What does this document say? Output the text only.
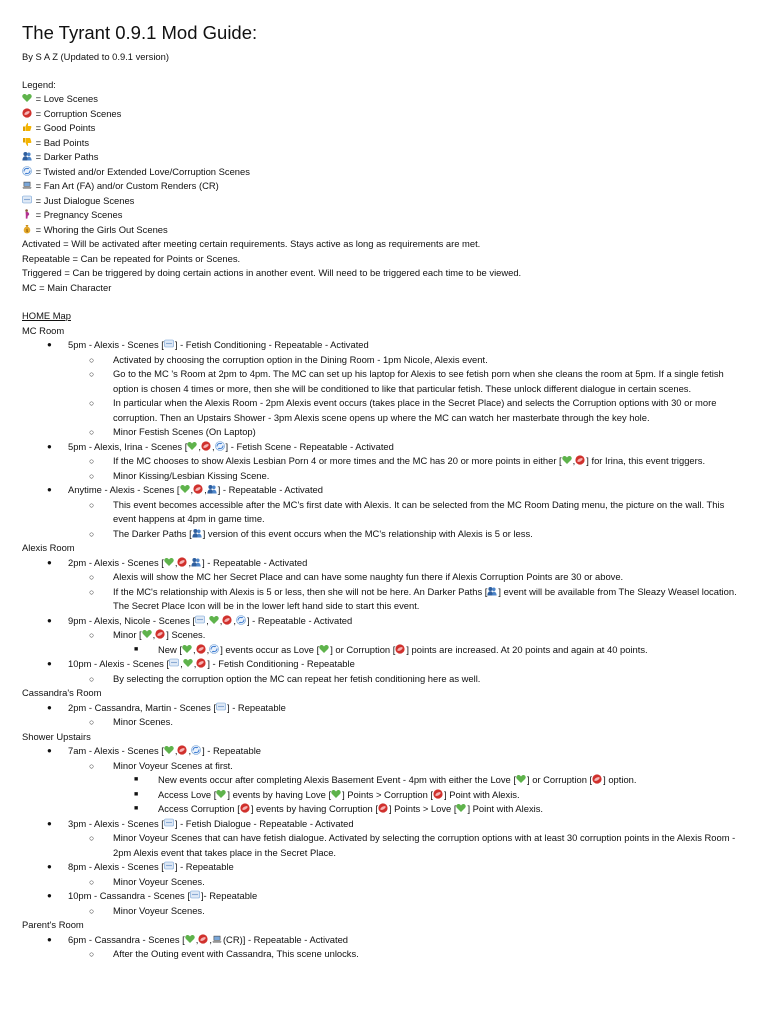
The Tyrant 0.9.1 Mod Guide:
By S A Z (Updated to 0.9.1 version)
Legend:
= Love Scenes
= Corruption Scenes
= Good Points
= Bad Points
= Darker Paths
= Twisted and/or Extended Love/Corruption Scenes
= Fan Art (FA) and/or Custom Renders (CR)
= Just Dialogue Scenes
= Pregnancy Scenes
= Whoring the Girls Out Scenes
Activated = Will be activated after meeting certain requirements. Stays active as long as requirements are met.
Repeatable = Can be repeated for Points or Scenes.
Triggered = Can be triggered by doing certain actions in another event. Will need to be triggered each time to be viewed.
MC = Main Character
HOME Map
MC Room
● 5pm - Alexis - Scenes [ ] - Fetish Conditioning - Repeatable - Activated
○ Activated by choosing the corruption option in the Dining Room - 1pm Nicole, Alexis event.
○ Go to the MC 's Room at 2pm to 4pm. The MC can set up his laptop for Alexis to see fetish porn when she cleans the room at 5pm. If a single fetish option is chosen 4 times or more, then she will be conditioned to like that particular fetish. These unlock different dialogue in certain scenes.
○ In particular when the Alexis Room - 2pm Alexis event occurs (takes place in the Secret Place) and selects the Corruption options with 30 or more corruption. Then an Upstairs Shower - 3pm Alexis scene opens up where the MC can watch her masterbate through the key hole.
○ Minor Festish Scenes (On Laptop)
● 5pm - Alexis, Irina - Scenes [ , , ] - Fetish Scene - Repeatable - Activated
○ If the MC chooses to show Alexis Lesbian Porn 4 or more times and the MC has 20 or more points in either [ , ] for Irina, this event triggers.
○ Minor Kissing/Lesbian Kissing Scene.
● Anytime - Alexis - Scenes [ , , ] - Repeatable - Activated
○ This event becomes accessible after the MC's first date with Alexis. It can be selected from the MC Room Dating menu, the picture on the wall. This event happens at 4pm in game time.
○ The Darker Paths [ ] version of this event occurs when the MC's relationship with Alexis is 5 or less.
Alexis Room
● 2pm - Alexis - Scenes [ , , ] - Repeatable - Activated
○ Alexis will show the MC her Secret Place and can have some naughty fun there if Alexis Corruption Points are 30 or above.
○ If the MC's relationship with Alexis is 5 or less, then she will not be here. An Darker Paths [ ] event will be available from The Sleazy Weasel location. The Secret Place Icon will be in the lower left hand side to start this event.
● 9pm - Alexis, Nicole - Scenes [ , , , ] - Repeatable - Activated
○ Minor [ , ] Scenes.
■ New [ , , ] events occur as Love [ ] or Corruption [ ] points are increased. At 20 points and again at 40 points.
● 10pm - Alexis - Scenes [ , , ] - Fetish Conditioning - Repeatable
○ By selecting the corruption option the MC can repeat her fetish conditioning here as well.
Cassandra's Room
● 2pm - Cassandra, Martin - Scenes [ ] - Repeatable
○ Minor Scenes.
Shower Upstairs
● 7am - Alexis - Scenes [ , , ] - Repeatable
○ Minor Voyeur Scenes at first.
■ New events occur after completing Alexis Basement Event - 4pm with either the Love [ ] or Corruption [ ] option.
■ Access Love [ ] events by having Love [ ] Points > Corruption [ ] Point with Alexis.
■ Access Corruption [ ] events by having Corruption [ ] Points > Love [ ] Point with Alexis.
● 3pm - Alexis - Scenes [ ] - Fetish Dialogue - Repeatable - Activated
○ Minor Voyeur Scenes that can have fetish dialogue. Activated by selecting the corruption options with at least 30 corruption points in the Alexis Room - 2pm Alexis event that takes place in the Secret Place.
● 8pm - Alexis - Scenes [ ] - Repeatable
○ Minor Voyeur Scenes.
● 10pm - Cassandra - Scenes [ ]- Repeatable
○ Minor Voyeur Scenes.
Parent's Room
● 6pm - Cassandra - Scenes [ , , (CR)] - Repeatable - Activated
○ After the Outing event with Cassandra, This scene unlocks.
